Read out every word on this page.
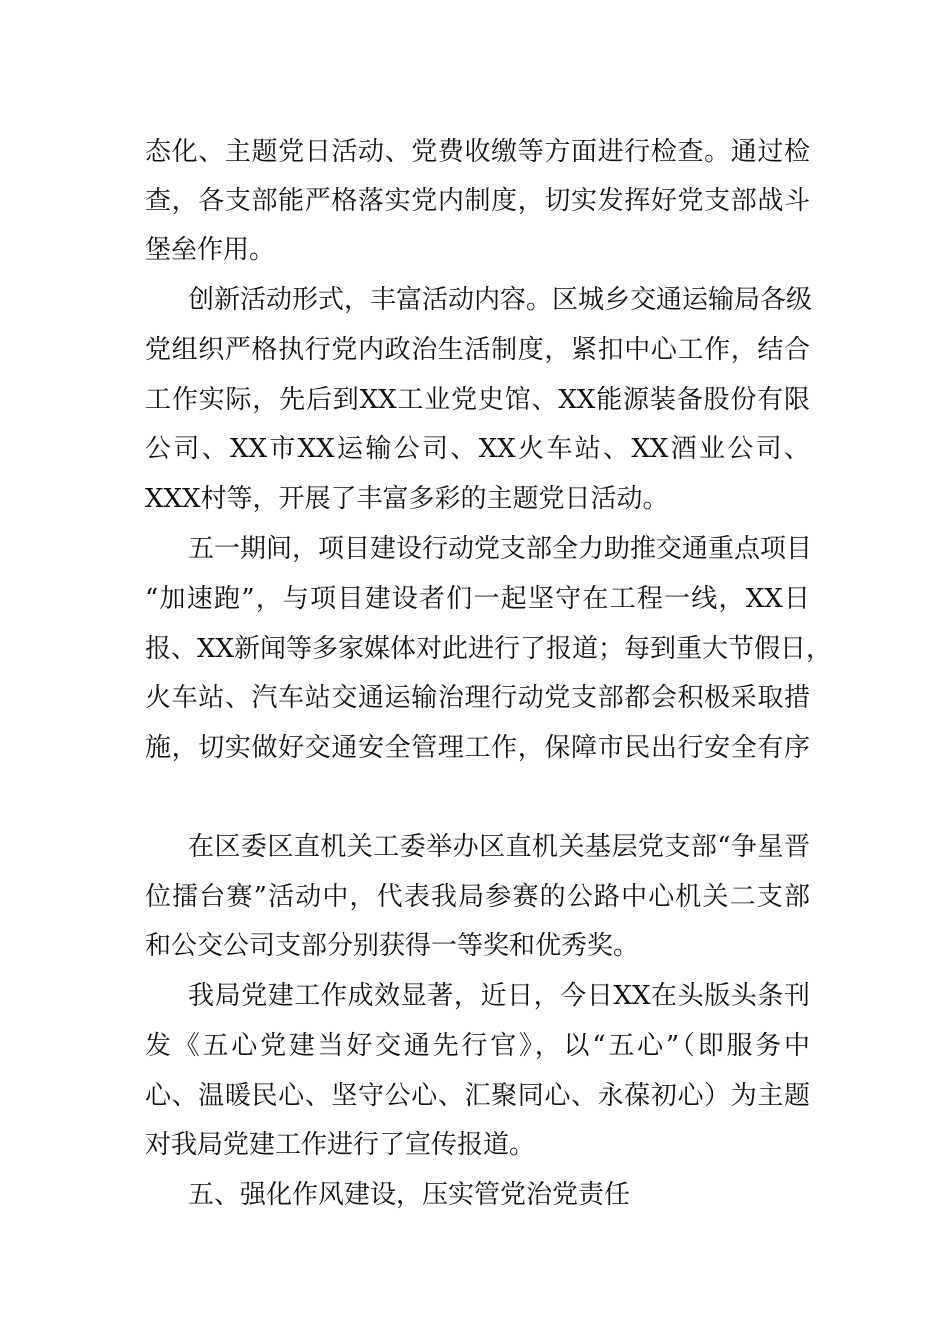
态化、主题党日活动、党费收缴等方面进行检查。通过检
查，各支部能严格落实党内制度，切实发挥好党支部战斗
堡垒作用。
创新活动形式，丰富活动内容。区城乡交通运输局各级
党组织严格执行党内政治生活制度，紧扣中心工作，结合
工作实际，先后到XX工业党史馆、XX能源装备股份有限
公司、XX市XX运输公司、XX火车站、XX酒业公司、
XXX村等，开展了丰富多彩的主题党日活动。
五一期间，项目建设行动党支部全力助推交通重点项目
“加速跑”，与项目建设者们一起坚守在工程一线，XX日
报、XX新闻等多家媒体对此进行了报道；每到重大节假日，
火车站、汽车站交通运输治理行动党支部都会积极采取措
施，切实做好交通安全管理工作，保障市民出行安全有序
在区委区直机关工委举办区直机关基层党支部“争星晋
位擂台赛”活动中，代表我局参赛的公路中心机关二支部
和公交公司支部分别获得一等奖和优秀奖。
我局党建工作成效显著，近日，今日XX在头版头条刊
发《五心党建当好交通先行官》，以“五心”（即服务中
心、温暖民心、坚守公心、汇聚同心、永葆初心）为主题
对我局党建工作进行了宣传报道。
五、强化作风建设，压实管党治党责任
